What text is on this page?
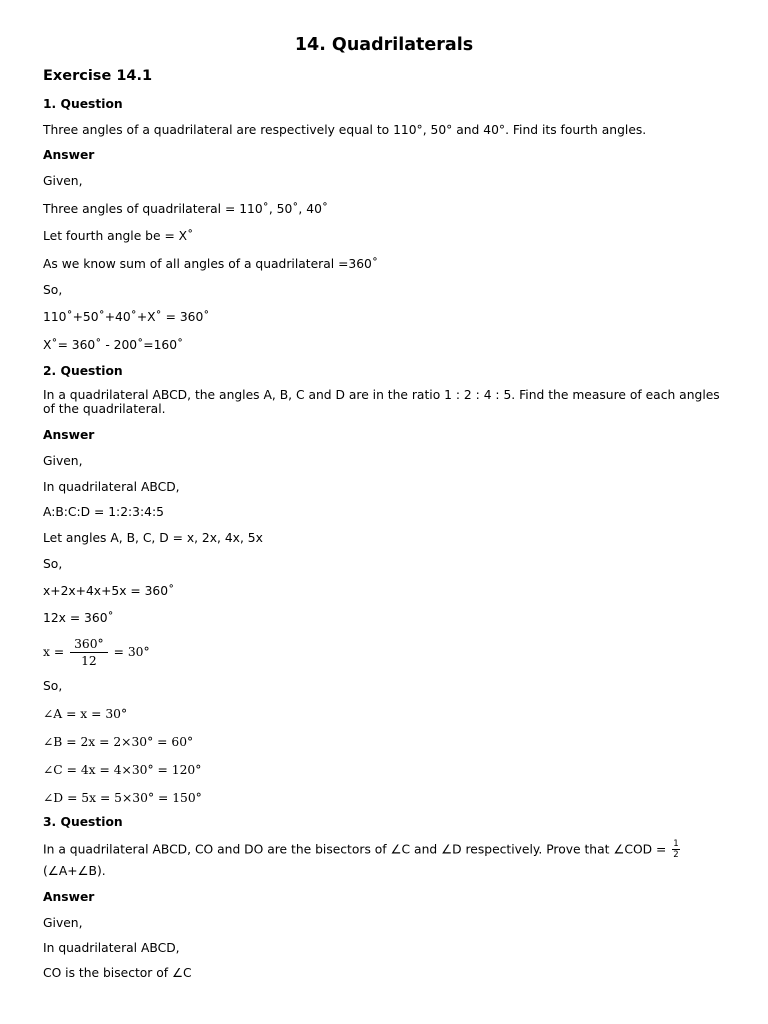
14. Quadrilaterals
Exercise 14.1
1. Question
Three angles of a quadrilateral are respectively equal to 110°, 50° and 40°. Find its fourth angles.
Answer
Given,
Three angles of quadrilateral = 110˚, 50˚, 40˚
Let fourth angle be = X˚
As we know sum of all angles of a quadrilateral =360˚
So,
110˚+50˚+40˚+X˚ = 360˚
X˚= 360˚ - 200˚=160˚
2. Question
In a quadrilateral ABCD, the angles A, B, C and D are in the ratio 1 : 2 : 4 : 5. Find the measure of each angles of the quadrilateral.
Answer
Given,
In quadrilateral ABCD,
A:B:C:D = 1:2:3:4:5
Let angles A, B, C, D = x, 2x, 4x, 5x
So,
x+2x+4x+5x = 360˚
12x = 360˚
$x = \frac{360^\circ}{12} = 30^\circ$
So,
∠A = x = 30°
∠B = 2x = 2×30° = 60°
∠C = 4x = 4×30° = 120°
∠D = 5x = 5×30° = 150°
3. Question
In a quadrilateral ABCD, CO and DO are the bisectors of ∠C and ∠D respectively. Prove that ∠COD = $\frac{1}{2}$
(∠A+∠B).
Answer
Given,
In quadrilateral ABCD,
CO is the bisector of ∠C
